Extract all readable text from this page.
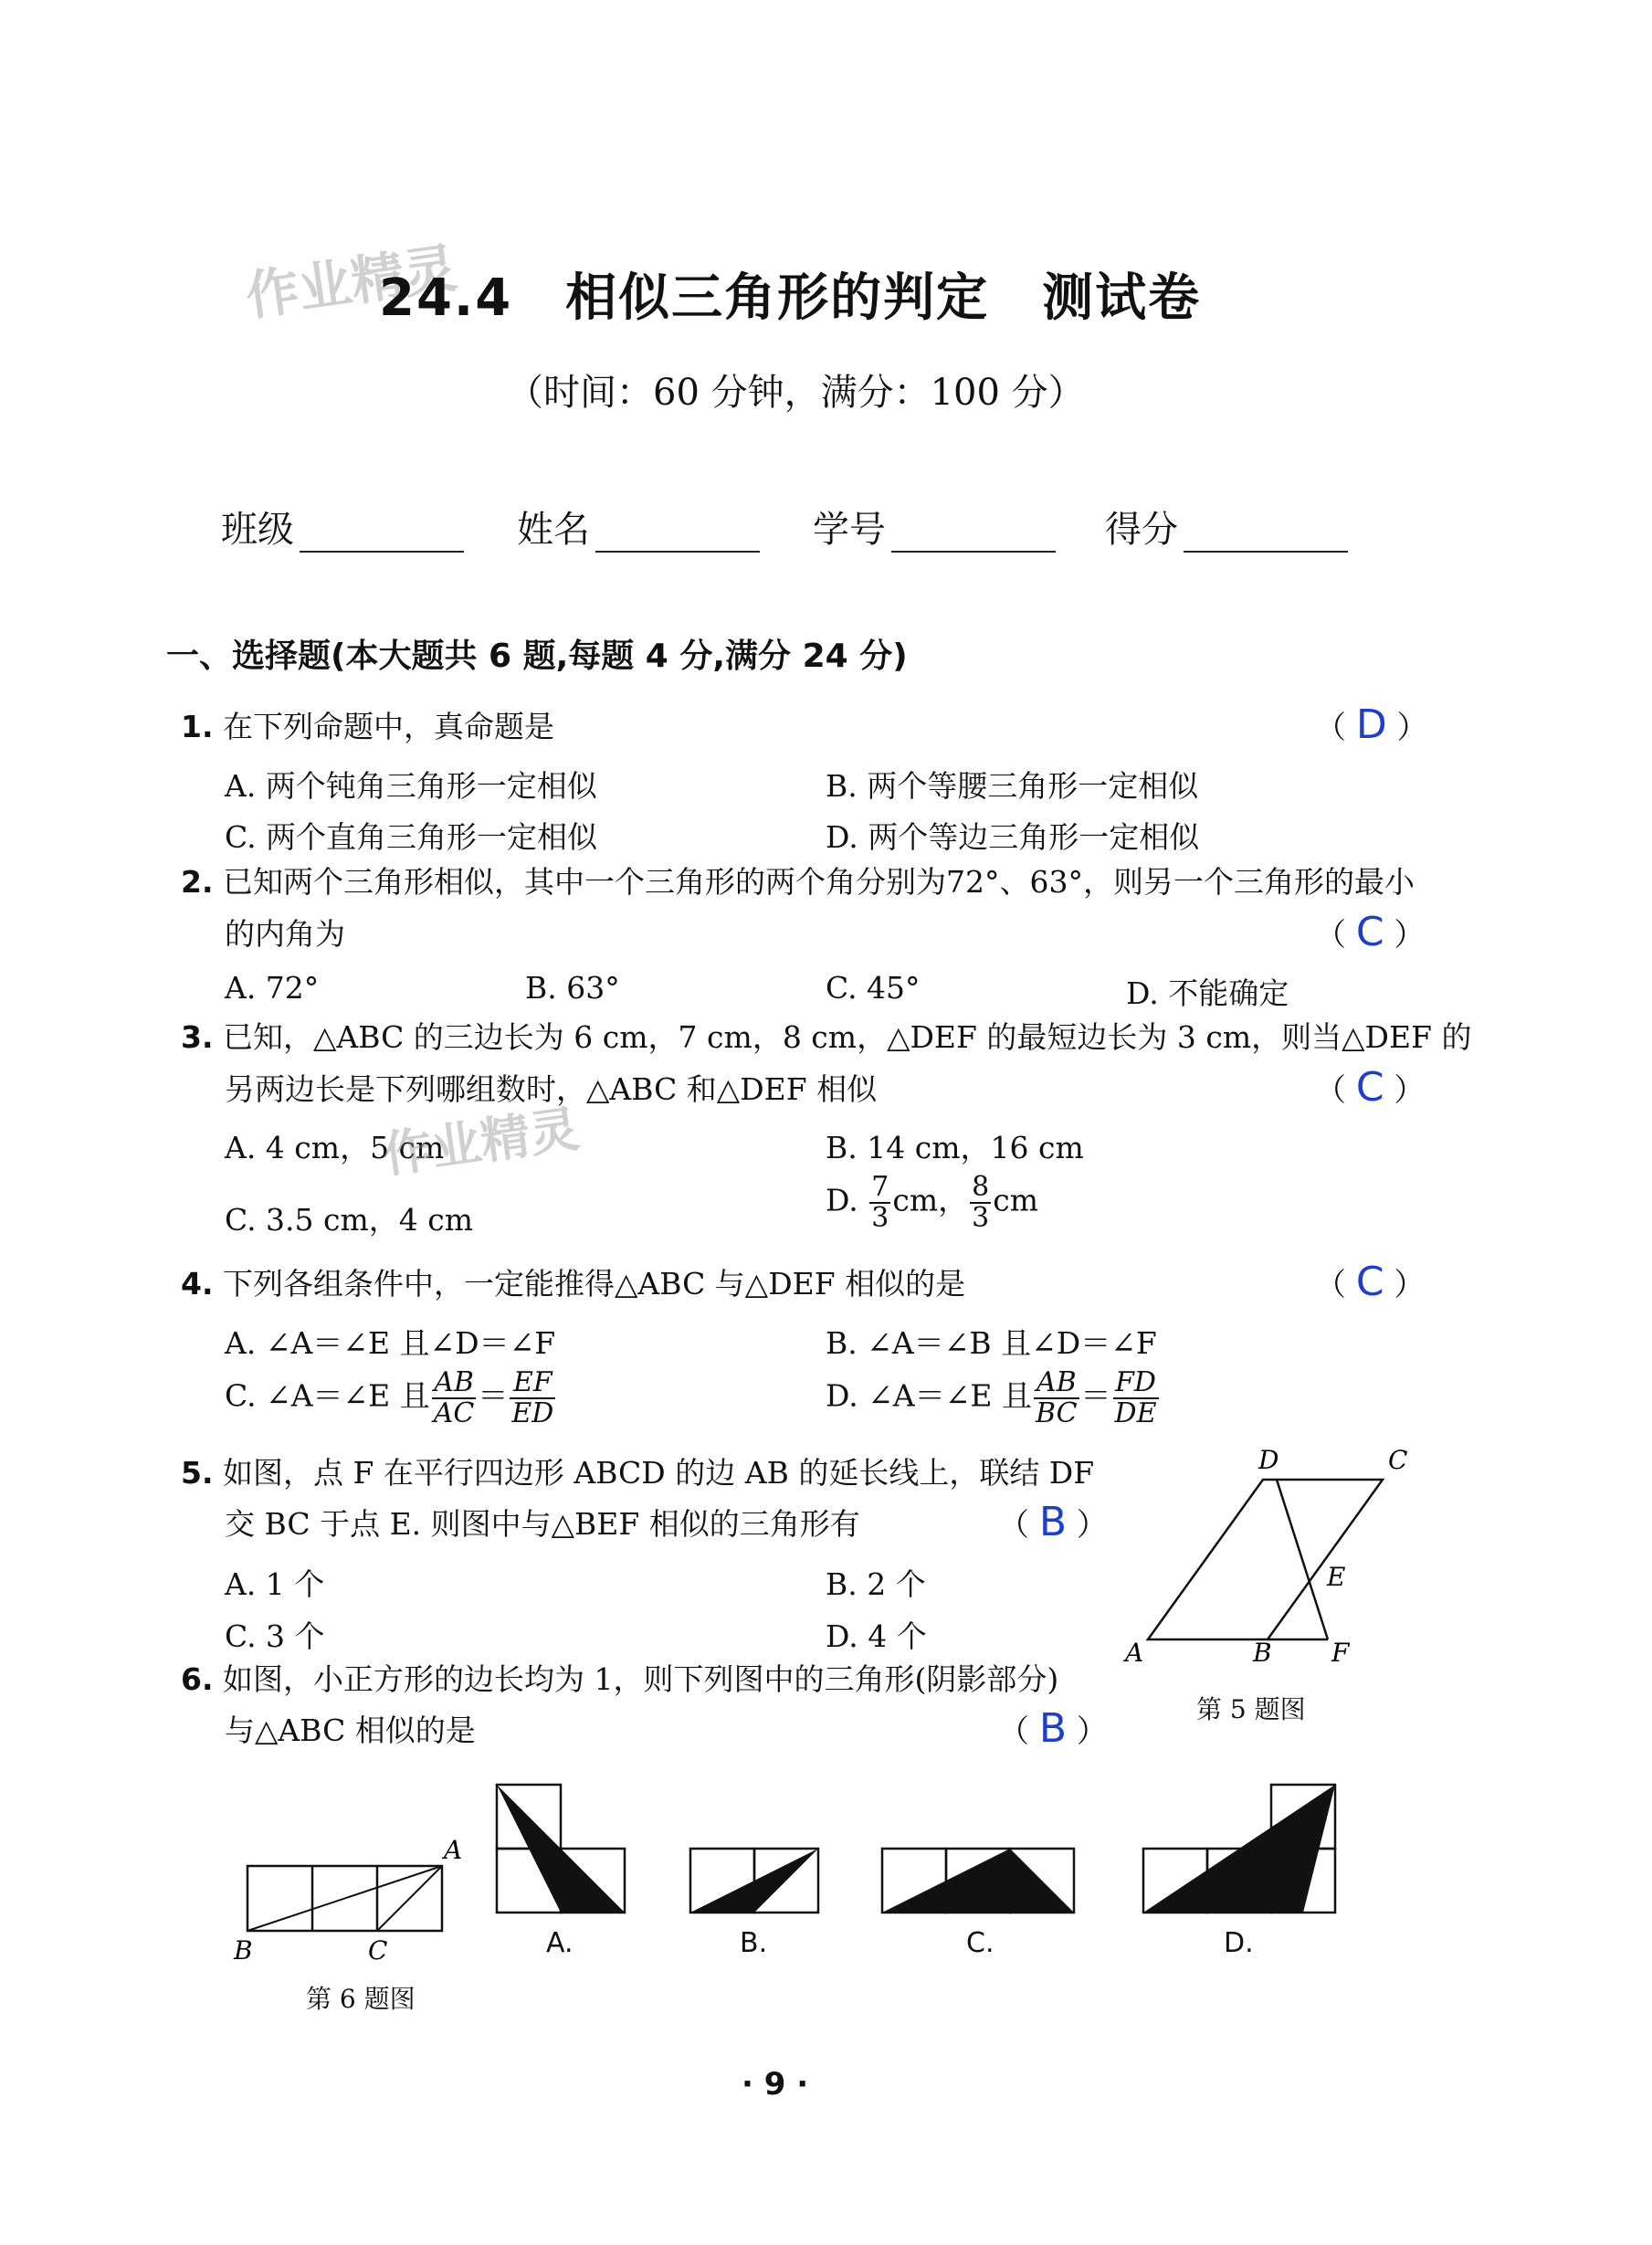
作业精灵
24.4　相似三角形的判定　测试卷
（时间：60 分钟，满分：100 分）
班级	姓名	学号	得分
一、选择题(本大题共 6 题,每题 4 分,满分 24 分)
1. 在下列命题中，真命题是	（ D ）
A. 两个钝角三角形一定相似	B. 两个等腰三角形一定相似
C. 两个直角三角形一定相似	D. 两个等边三角形一定相似
2. 已知两个三角形相似，其中一个三角形的两个角分别为72°、63°，则另一个三角形的最小
的内角为	（ C ）
A. 72°	B. 63°	C. 45°	D. 不能确定
3. 已知，△ABC 的三边长为 6 cm，7 cm，8 cm，△DEF 的最短边长为 3 cm，则当△DEF 的
另两边长是下列哪组数时，△ABC 和△DEF 相似	（ C ）
A. 4 cm，5 cm	B. 14 cm，16 cm
C. 3.5 cm，4 cm
D. $\frac{7}{3}$ cm， $\frac{8}{3}$ cm
作业精灵
4. 下列各组条件中，一定能推得△ABC 与△DEF 相似的是	（ C ）
A. ∠A＝∠E 且∠D＝∠F	B. ∠A＝∠B 且∠D＝∠F
C. ∠A＝∠E 且 $\frac{AB}{AC} = \frac{EF}{ED}$	D. ∠A＝∠E 且 $\frac{AB}{BC} = \frac{FD}{DE}$
5. 如图，点 F 在平行四边形 ABCD 的边 AB 的延长线上，联结 DF
交 BC 于点 E. 则图中与△BEF 相似的三角形有	（ B ）
A. 1 个	B. 2 个
C. 3 个	D. 4 个	A	B F
D	C
E
第 5 题图
6. 如图，小正方形的边长均为 1，则下列图中的三角形(阴影部分)
与△ABC 相似的是	（ B ）
B	C
A
第 6 题图
A.	B.	C.	D.
· 9 ·
